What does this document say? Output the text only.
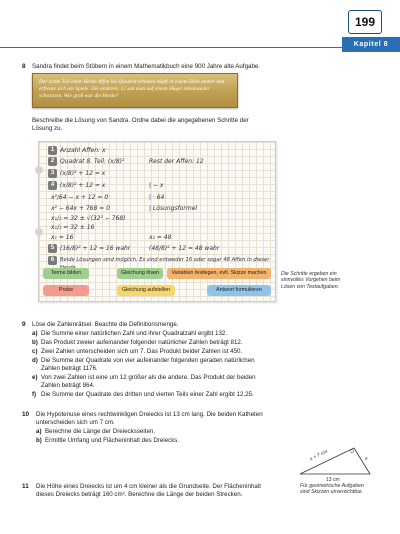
199
Kapitel 8
8 Sandra findet beim Stöbern in einem Mathematikbuch eine 900 Jahre alte Aufgabe.
Der achte Teil einer Herde Affen ins Quadrat erhoben hüpft in einem Hain umher und erfreute sich am Spiele. Die anderen, 12 sah man auf einem Hügel miteinander schwatzen. Wie groß war die Herde?
Beschreibe die Lösung von Sandra. Ordne dabei die angegebenen Schritte der
Lösung zu.
1 Anzahl Affen: x
2 Quadrat 8. Teil: (x/8)²	Rest der Affen: 12
3 (x/8)² + 12 = x
4 (x/8)² + 12 = x	| − x
x²/64 − x + 12 = 0	| · 64
x² − 64x + 768 = 0	| Lösungsformel
x₁/₂ = 32 ± √(32² − 768)
x₁/₂ = 32 ± 16
x₁ = 16	x₂ = 48
5 (16/8)² + 12 = 16 wahr	(48/8)² + 12 = 48 wahr
6	Beide Lösungen sind möglich. Es sind entweder 16 oder sogar 48 Affen in dieser
Terme bilden	Gleichung lösen	Variablen festlegen, evtl. Skizze machen
Probe	Gleichung aufstellen	Antwort formulieren
Die Schritte ergeben ein sinnvolles Vorgehen beim Lösen von Textaufgaben.
9 Löse die Zahlenrätsel. Beachte die Definitionsmenge.
a) Die Summe einer natürlichen Zahl und ihrer Quadratzahl ergibt 132.
b) Das Produkt zweier aufeinander folgender natürlicher Zahlen beträgt 812.
c) Zwei Zahlen unterscheiden sich um 7. Das Produkt beider Zahlen ist 450.
d) Die Summe der Quadrate von vier aufeinander folgenden geraden natürlichen
Zahlen beträgt 1176.
e) Von zwei Zahlen ist eine um 12 größer als die andere. Das Produkt der beiden
Zahlen beträgt 864.
f) Die Summe der Quadrate des dritten und vierten Teils einer Zahl ergibt 12,25.
10 Die Hypotenuse eines rechtwinkligen Dreiecks ist 13 cm lang. Die beiden Katheten
unterscheiden sich um 7 cm.
a) Berechne die Länge der Dreiecksseiten.
b) Ermittle Umfang und Flächeninhalt des Dreiecks.
x + 7 cm	x
13 cm
Für geometrische Aufgaben sind Skizzen unverzichtbar.
11 Die Höhe eines Dreiecks ist um 4 cm kleiner als die Grundseite. Der Flächeninhalt
dieses Dreiecks beträgt 160 cm². Berechne die Länge der beiden Strecken.
